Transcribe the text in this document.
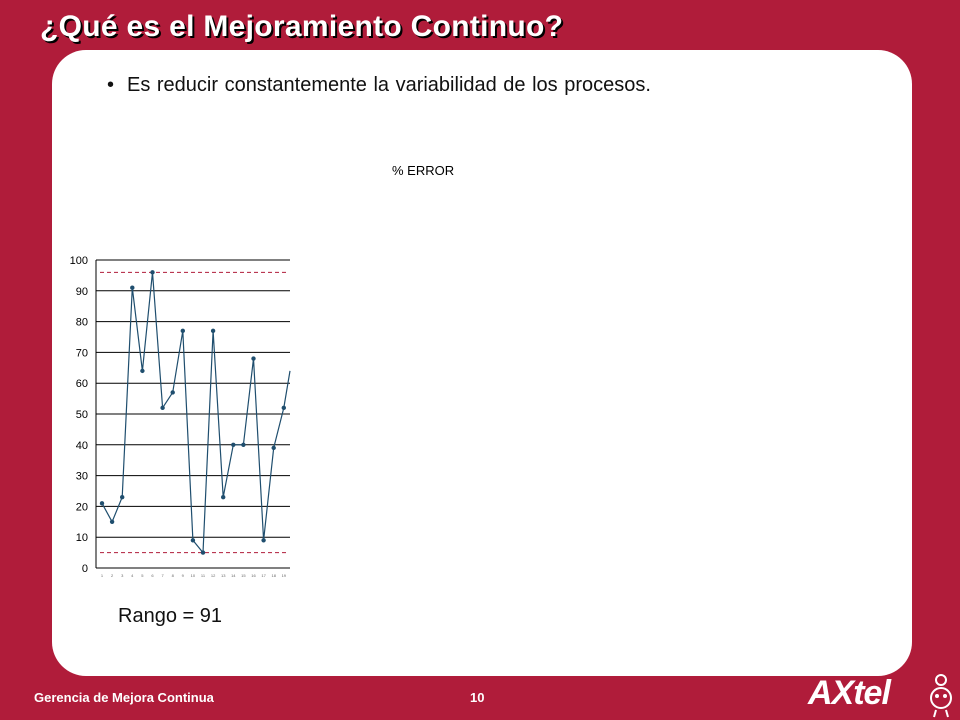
¿Qué es el Mejoramiento Continuo?
• Es reducir constantemente la variabilidad de los procesos.
% ERROR
0
10
20
30
40
50
60
70
80
90
100
1 2 3 4 5 6 7 8 9 10 11 12 13 14 15 16 17 18 19
Rango = 91
Gerencia de Mejora Continua	10	AXtel
